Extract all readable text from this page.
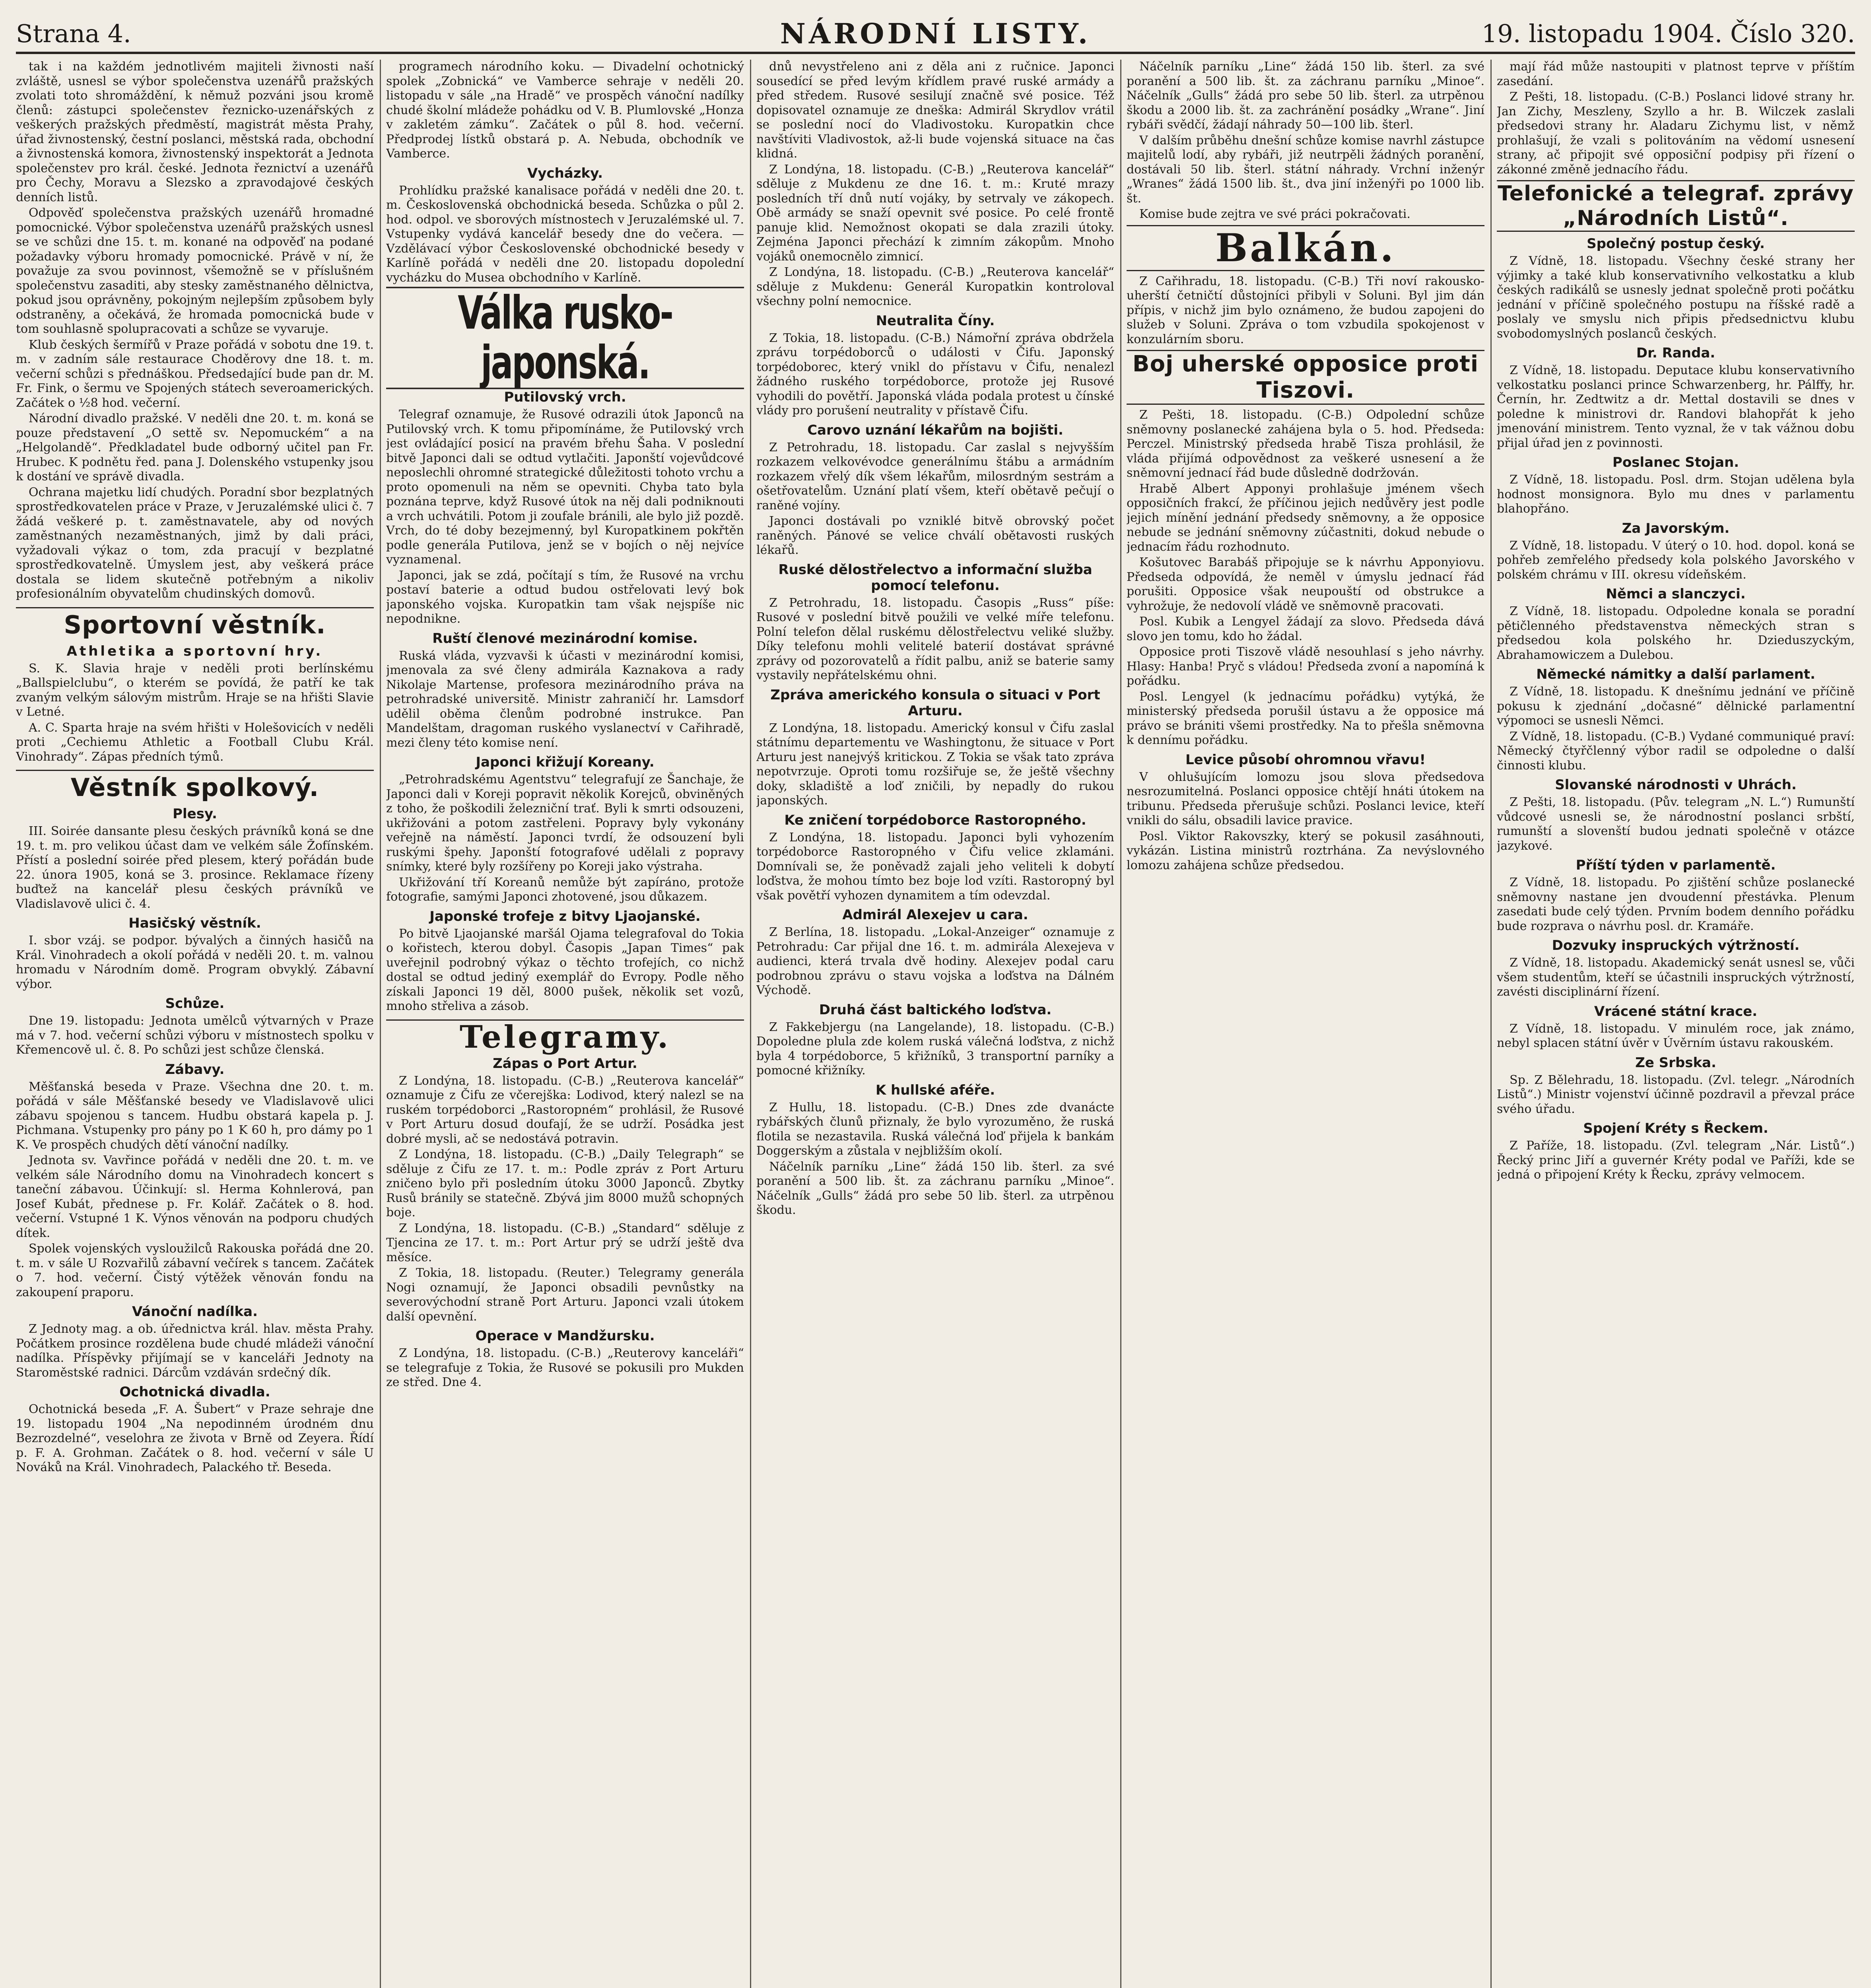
Strana 4.	NÁRODNÍ LISTY.	19. listopadu 1904. Číslo 320.

tak i na každém jednotlivém majiteli živnosti naší zvláště, usnesl se výbor společenstva uzenářů pražských zvolati toto shromáždění, k němuž pozváni jsou kromě členů: zástupci společenstev řeznicko-uzenářských z veškerých pražských předměstí, magistrát města Prahy, úřad živnostenský, čestní poslanci, městská rada, obchodní a živnostenská komora, živnostenský inspektorát a Jednota společenstev pro král. české. Jednota řeznictví a uzenářů pro Čechy, Moravu a Slezsko a zpravodajové českých denních listů.

Odpověď společenstva pražských uzenářů hromadné pomocnické. Výbor společenstva uzenářů pražských usnesl se ve schůzi dne 15. t. m. konané na odpověď na podané požadavky výboru hromady pomocnické. Právě v ní, že považuje za svou povinnost, všemožně se v příslušném společenstvu zasaditi, aby stesky zaměstnaného dělnictva, pokud jsou oprávněny, pokojným nejlepším způsobem byly odstraněny, a očekává, že hromada pomocnická bude v tom souhlasně spolupracovati a schůze se vyvaruje.

Klub českých šermířů v Praze pořádá v sobotu dne 19. t. m. v zadním sále restaurace Choděrovy dne 18. t. m. večerní schůzi s přednáškou. Předsedající bude pan dr. M. Fr. Fink, o šermu ve Spojených státech severoamerických. Začátek o ½8 hod. večerní.

Národní divadlo pražské. V neděli dne 20. t. m. koná se pouze představení „O settě sv. Nepomuckém“ a na „Helgolandě“. Předkladatel bude odborný učitel pan Fr. Hrubec. K podnětu řed. pana J. Dolenského vstupenky jsou k dostání ve správě divadla.

Ochrana majetku lidí chudých. Poradní sbor bezplatných sprostředkovatelen práce v Praze, v Jeruzalémské ulici č. 7 žádá veškeré p. t. zaměstnavatele, aby od nových zaměstnaných nezaměstnaných, jimž by dali práci, vyžadovali výkaz o tom, zda pracují v bezplatné sprostředkovatelně. Úmyslem jest, aby veškerá práce dostala se lidem skutečně potřebným a nikoliv profesionálním obyvatelům chudinských domovů.

Sportovní věstník.
Athletika a sportovní hry.

S. K. Slavia hraje v neděli proti berlínskému „Ballspielclubu“, o kterém se povídá, že patří ke tak zvaným velkým sálovým mistrům. Hraje se na hřišti Slavie v Letné.

A. C. Sparta hraje na svém hřišti v Holešovicích v neděli proti „Cechiemu Athletic a Football Clubu Král. Vinohrady“. Zápas předních týmů.

Věstník spolkový.
Plesy.

III. Soirée dansante plesu českých právníků koná se dne 19. t. m. pro velikou účast dam ve velkém sále Žofínském. Přístí a poslední soirée před plesem, který pořádán bude 22. února 1905, koná se 3. prosince. Reklamace řízeny buďtež na kancelář plesu českých právníků ve Vladislavově ulici č. 4.

Hasičský věstník.

I. sbor vzáj. se podpor. bývalých a činných hasičů na Král. Vinohradech a okolí pořádá v neděli 20. t. m. valnou hromadu v Národním domě. Program obvyklý. Zábavní výbor.

Schůze.

Dne 19. listopadu: Jednota umělců výtvarných v Praze má v 7. hod. večerní schůzi výboru v místnostech spolku v Křemencově ul. č. 8. Po schůzi jest schůze členská.

Zábavy.

Měšťanská beseda v Praze. Všechna dne 20. t. m. pořádá v sále Měšťanské besedy ve Vladislavově ulici zábavu spojenou s tancem. Hudbu obstará kapela p. J. Pichmana. Vstupenky pro pány po 1 K 60 h, pro dámy po 1 K. Ve prospěch chudých dětí vánoční nadílky.

Jednota sv. Vavřince pořádá v neděli dne 20. t. m. ve velkém sále Národního domu na Vinohradech koncert s taneční zábavou. Účinkují: sl. Herma Kohnlerová, pan Josef Kubát, přednese p. Fr. Kolář. Začátek o 8. hod. večerní. Vstupné 1 K. Výnos věnován na podporu chudých dítek.

Spolek vojenských vysloužilců Rakouska pořádá dne 20. t. m. v sále U Rozvařilů zábavní večírek s tancem. Začátek o 7. hod. večerní. Čistý výtěžek věnován fondu na zakoupení praporu.

Vánoční nadílka.

Z Jednoty mag. a ob. úřednictva král. hlav. města Prahy. Počátkem prosince rozdělena bude chudé mládeži vánoční nadílka. Příspěvky přijímají se v kanceláři Jednoty na Staroměstské radnici. Dárcům vzdáván srdečný dík.

Ochotnická divadla.

Ochotnická beseda „F. A. Šubert“ v Praze sehraje dne 19. listopadu 1904 „Na nepodinném úrodném dnu Bezrozdelné“, veselohra ze života v Brně od Zeyera. Řídí p. F. A. Grohman. Začátek o 8. hod. večerní v sále U Nováků na Král. Vinohradech, Palackého tř. Beseda.

programech národního koku. — Divadelní ochotnický spolek „Zobnická“ ve Vamberce sehraje v neděli 20. listopadu v sále „na Hradě“ ve prospěch vánoční nadílky chudé školní mládeže pohádku od V. B. Plumlovské „Honza v zakletém zámku“. Začátek o půl 8. hod. večerní. Předprodej lístků obstará p. A. Nebuda, obchodník ve Vamberce.

Vycházky.

Prohlídku pražské kanalisace pořádá v neděli dne 20. t. m. Československá obchodnická beseda. Schůzka o půl 2. hod. odpol. ve sborových místnostech v Jeruzalémské ul. 7. Vstupenky vydává kancelář besedy dne do večera. — Vzdělávací výbor Československé obchodnické besedy v Karlíně pořádá v neděli dne 20. listopadu dopolední vycházku do Musea obchodního v Karlíně.

Válka rusko-japonská.
Putilovský vrch.

Telegraf oznamuje, že Rusové odrazili útok Japonců na Putilovský vrch. K tomu připomínáme, že Putilovský vrch jest ovládající posicí na pravém břehu Šaha. V poslední bitvě Japonci dali se odtud vytlačiti. Japonští vojevůdcové neposlechli ohromné strategické důležitosti tohoto vrchu a proto opomenuli na něm se opevniti. Chyba tato byla poznána teprve, když Rusové útok na něj dali podniknouti a vrch uchvátili. Potom ji zoufale bránili, ale bylo již pozdě. Vrch, do té doby bezejmenný, byl Kuropatkinem pokřtěn podle generála Putilova, jenž se v bojích o něj nejvíce vyznamenal.

Japonci, jak se zdá, počítají s tím, že Rusové na vrchu postaví baterie a odtud budou ostřelovati levý bok japonského vojska. Kuropatkin tam však nejspíše nic nepodnikne.

Ruští členové mezinárodní komise.

Ruská vláda, vyzvavši k účasti v mezinárodní komisi, jmenovala za své členy admirála Kaznakova a rady Nikolaje Martense, profesora mezinárodního práva na petrohradské universitě. Ministr zahraničí hr. Lamsdorf udělil oběma členům podrobné instrukce. Pan Mandelštam, dragoman ruského vyslanectví v Cařihradě, mezi členy této komise není.

Japonci křižují Koreany.

„Petrohradskému Agentstvu“ telegrafují ze Šanchaje, že Japonci dali v Koreji popravit několik Korejců, obviněných z toho, že poškodili železniční trať. Byli k smrti odsouzeni, ukřižováni a potom zastřeleni. Popravy byly vykonány veřejně na náměstí. Japonci tvrdí, že odsouzení byli ruskými špehy. Japonští fotografové udělali z popravy snímky, které byly rozšířeny po Koreji jako výstraha.

Ukřižování tří Koreanů nemůže být zapíráno, protože fotografie, samými Japonci zhotovené, jsou důkazem.

Japonské trofeje z bitvy Ljaojanské.

Po bitvě Ljaojanské maršál Ojama telegrafoval do Tokia o kořistech, kterou dobyl. Časopis „Japan Times“ pak uveřejnil podrobný výkaz o těchto trofejích, co nichž dostal se odtud jediný exemplář do Evropy. Podle něho získali Japonci 19 děl, 8000 pušek, několik set vozů, mnoho střeliva a zásob.

Telegramy.
Zápas o Port Artur.

Z Londýna, 18. listopadu. (C-B.) „Reuterova kancelář“ oznamuje z Čifu ze včerejška: Lodivod, který nalezl se na ruském torpédoborci „Rastoropném“ prohlásil, že Rusové v Port Arturu dosud doufají, že se udrží. Posádka jest dobré mysli, ač se nedostává potravin.

Z Londýna, 18. listopadu. (C-B.) „Daily Telegraph“ se sděluje z Čifu ze 17. t. m.: Podle zpráv z Port Arturu zničeno bylo při posledním útoku 3000 Japonců. Zbytky Rusů bránily se statečně. Zbývá jim 8000 mužů schopných boje.

Z Londýna, 18. listopadu. (C-B.) „Standard“ sděluje z Tjencina ze 17. t. m.: Port Artur prý se udrží ještě dva měsíce.

Z Tokia, 18. listopadu. (Reuter.) Telegramy generála Nogi oznamují, že Japonci obsadili pevnůstky na severovýchodní straně Port Arturu. Japonci vzali útokem další opevnění.

Operace v Mandžursku.

Z Londýna, 18. listopadu. (C-B.) „Reuterovy kanceláři“ se telegrafuje z Tokia, že Rusové se pokusili pro Mukden ze střed. Dne 4.

dnů nevystřeleno ani z děla ani z ručnice. Japonci sousedící se před levým křídlem pravé ruské armády a před středem. Rusové sesilují značně své posice. Též dopisovatel oznamuje ze dneška: Admirál Skrydlov vrátil se poslední nocí do Vladivostoku. Kuropatkin chce navštíviti Vladivostok, až-li bude vojenská situace na čas klidná.

Z Londýna, 18. listopadu. (C-B.) „Reuterova kancelář“ sděluje z Mukdenu ze dne 16. t. m.: Kruté mrazy posledních tří dnů nutí vojáky, by setrvaly ve zákopech. Obě armády se snaží opevnit své posice. Po celé frontě panuje klid. Nemožnost okopati se dala zrazili útoky. Zejména Japonci přechází k zimním zákopům. Mnoho vojáků onemocnělo zimnicí.

Z Londýna, 18. listopadu. (C-B.) „Reuterova kancelář“ sděluje z Mukdenu: Generál Kuropatkin kontroloval všechny polní nemocnice.

Neutralita Číny.

Z Tokia, 18. listopadu. (C-B.) Námořní zpráva obdržela zprávu torpédoborců o události v Čifu. Japonský torpédoborec, který vnikl do přístavu v Čifu, nenalezl žádného ruského torpédoborce, protože jej Rusové vyhodili do povětří. Japonská vláda podala protest u čínské vlády pro porušení neutrality v přístavě Čifu.

Carovo uznání lékařům na bojišti.

Z Petrohradu, 18. listopadu. Car zaslal s nejvyšším rozkazem velkovévodce generálnímu štábu a armádním rozkazem vřelý dík všem lékařům, milosrdným sestrám a ošetřovatelům. Uznání platí všem, kteří obětavě pečují o raněné vojíny.

Japonci dostávali po vzniklé bitvě obrovský počet raněných. Pánové se velice chválí obětavosti ruských lékařů.

Ruské dělostřelectvo a informační služba pomocí telefonu.

Z Petrohradu, 18. listopadu. Časopis „Russ“ píše: Rusové v poslední bitvě použili ve velké míře telefonu. Polní telefon dělal ruskému dělostřelectvu veliké služby. Díky telefonu mohli velitelé baterií dostávat správné zprávy od pozorovatelů a řídit palbu, aniž se baterie samy vystavily nepřátelskému ohni.

Zpráva amerického konsula o situaci v Port Arturu.

Z Londýna, 18. listopadu. Americký konsul v Čifu zaslal státnímu departementu ve Washingtonu, že situace v Port Arturu jest nanejvýš kritickou. Z Tokia se však tato zpráva nepotvrzuje. Oproti tomu rozšiřuje se, že ještě všechny doky, skladiště a loď zničili, by nepadly do rukou japonských.

Ke zničení torpédoborce Rastoropného.

Z Londýna, 18. listopadu. Japonci byli vyhozením torpédoborce Rastoropného v Čifu velice zklamáni. Domnívali se, že poněvadž zajali jeho veliteli k dobytí loďstva, že mohou tímto bez boje lod vzíti. Rastoropný byl však povětří vyhozen dynamitem a tím odevzdal.

Admirál Alexejev u cara.

Z Berlína, 18. listopadu. „Lokal-Anzeiger“ oznamuje z Petrohradu: Car přijal dne 16. t. m. admirála Alexejeva v audienci, která trvala dvě hodiny. Alexejev podal caru podrobnou zprávu o stavu vojska a loďstva na Dálném Východě.

Druhá část baltického loďstva.

Z Fakkebjergu (na Langelande), 18. listopadu. (C-B.) Dopoledne plula zde kolem ruská válečná loďstva, z nichž byla 4 torpédoborce, 5 křižníků, 3 transportní parníky a pomocné křižníky.

K hullské aféře.

Z Hullu, 18. listopadu. (C-B.) Dnes zde dvanácte rybářských člunů přiznaly, že bylo vyrozuměno, že ruská flotila se nezastavila. Ruská válečná loď přijela k bankám Doggerským a zůstala v nejbližším okolí.

Náčelník parníku „Line“ žádá 150 lib. šterl. za své poranění a 500 lib. št. za záchranu parníku „Minoe“. Náčelník „Gulls“ žádá pro sebe 50 lib. šterl. za utrpěnou škodu.

Náčelník parníku „Line“ žádá 150 lib. šterl. za své poranění a 500 lib. št. za záchranu parníku „Minoe“. Náčelník „Gulls“ žádá pro sebe 50 lib. šterl. za utrpěnou škodu a 2000 lib. št. za zachránění posádky „Wrane“. Jiní rybáři svědčí, žádají náhrady 50—100 lib. šterl.

V dalším průběhu dnešní schůze komise navrhl zástupce majitelů lodí, aby rybáři, již neutrpěli žádných poranění, dostávali 50 lib. šterl. státní náhrady. Vrchní inženýr „Wranes“ žádá 1500 lib. št., dva jiní inženýři po 1000 lib. št.

Komise bude zejtra ve své práci pokračovati.

Balkán.

Z Cařihradu, 18. listopadu. (C-B.) Tři noví rakousko-uherští četničtí důstojníci přibyli v Soluni. Byl jim dán přípis, v nichž jim bylo oznámeno, že budou zapojeni do služeb v Soluni. Zpráva o tom vzbudila spokojenost v konzulárním sboru.

Boj uherské opposice proti Tiszovi.

Z Pešti, 18. listopadu. (C-B.) Odpolední schůze sněmovny poslanecké zahájena byla o 5. hod. Předseda: Perczel. Ministrský předseda hrabě Tisza prohlásil, že vláda přijímá odpovědnost za veškeré usnesení a že sněmovní jednací řád bude důsledně dodržován.

Hrabě Albert Apponyi prohlašuje jménem všech opposičních frakcí, že příčinou jejich nedůvěry jest podle jejich mínění jednání předsedy sněmovny, a že opposice nebude se jednání sněmovny zúčastniti, dokud nebude o jednacím řádu rozhodnuto.

Košutovec Barabáš připojuje se k návrhu Apponyiovu. Předseda odpovídá, že neměl v úmyslu jednací řád porušiti. Opposice však neupouští od obstrukce a vyhrožuje, že nedovolí vládě ve sněmovně pracovati.

Posl. Kubik a Lengyel žádají za slovo. Předseda dává slovo jen tomu, kdo ho žádal.

Opposice proti Tiszově vládě nesouhlasí s jeho návrhy. Hlasy: Hanba! Pryč s vládou! Předseda zvoní a napomíná k pořádku.

Posl. Lengyel (k jednacímu pořádku) vytýká, že ministerský předseda porušil ústavu a že opposice má právo se brániti všemi prostředky. Na to přešla sněmovna k dennímu pořádku.

Levice působí ohromnou vřavu!

V ohlušujícím lomozu jsou slova předsedova nesrozumitelná. Poslanci opposice chtějí hnáti útokem na tribunu. Předseda přerušuje schůzi. Poslanci levice, kteří vnikli do sálu, obsadili lavice pravice.

Posl. Viktor Rakovszky, který se pokusil zasáhnouti, vykázán. Listina ministrů roztrhána. Za nevýslovného lomozu zahájena schůze předsedou.

mají řád může nastoupiti v platnost teprve v příštím zasedání.

Z Pešti, 18. listopadu. (C-B.) Poslanci lidové strany hr. Jan Zichy, Meszleny, Szyllo a hr. B. Wilczek zaslali předsedovi strany hr. Aladaru Zichymu list, v němž prohlašují, že vzali s politováním na vědomí usnesení strany, ač připojit své opposiční podpisy při řízení o zákonné změně jednacího řádu.

Telefonické a telegraf. zprávy „Národních Listů“.
Společný postup český.

Z Vídně, 18. listopadu. Všechny české strany her výjimky a také klub konservativního velkostatku a klub českých radikálů se usnesly jednat společně proti počátku jednání v příčině společného postupu na říšské radě a poslaly ve smyslu nich připis předsednictvu klubu svobodomyslných poslanců českých.

Dr. Randa.

Z Vídně, 18. listopadu. Deputace klubu konservativního velkostatku poslanci prince Schwarzenberg, hr. Pálffy, hr. Černín, hr. Zedtwitz a dr. Mettal dostavili se dnes v poledne k ministrovi dr. Randovi blahopřát k jeho jmenování ministrem. Tento vyznal, že v tak vážnou dobu přijal úřad jen z povinnosti.

Poslanec Stojan.

Z Vídně, 18. listopadu. Posl. drm. Stojan udělena byla hodnost monsignora. Bylo mu dnes v parlamentu blahopřáno.

Za Javorským.

Z Vídně, 18. listopadu. V úterý o 10. hod. dopol. koná se pohřeb zemřelého předsedy kola polského Javorského v polském chrámu v III. okresu vídeňském.

Němci a slanczyci.

Z Vídně, 18. listopadu. Odpoledne konala se poradní pětičlenného představenstva německých stran s předsedou kola polského hr. Dzieduszyckým, Abrahamowiczem a Dulebou.

Německé námitky a další parlament.

Z Vídně, 18. listopadu. K dnešnímu jednání ve příčině pokusu k zjednání „dočasné“ dělnické parlamentní výpomoci se usnesli Němci.

Z Vídně, 18. listopadu. (C-B.) Vydané communiqué praví: Německý čtyřčlenný výbor radil se odpoledne o další činnosti klubu.

Slovanské národnosti v Uhrách.

Z Pešti, 18. listopadu. (Pův. telegram „N. L.“) Rumunští vůdcové usnesli se, že národnostní poslanci srbští, rumunští a slovenští budou jednati společně v otázce jazykové.

Příští týden v parlamentě.

Z Vídně, 18. listopadu. Po zjištění schůze poslanecké sněmovny nastane jen dvoudenní přestávka. Plenum zasedati bude celý týden. Prvním bodem denního pořádku bude rozprava o návrhu posl. dr. Kramáře.

Dozvuky inspruckých výtržností.

Z Vídně, 18. listopadu. Akademický senát usnesl se, vůči všem studentům, kteří se účastnili inspruckých výtržností, zavésti disciplinární řízení.

Vrácené státní krace.

Z Vídně, 18. listopadu. V minulém roce, jak známo, nebyl splacen státní úvěr v Úvěrním ústavu rakouském.

Ze Srbska.

Sp. Z Bělehradu, 18. listopadu. (Zvl. telegr. „Národních Listů“.) Ministr vojenství účinně pozdravil a převzal práce svého úřadu.

Spojení Kréty s Řeckem.

Z Paříže, 18. listopadu. (Zvl. telegram „Nár. Listů“.) Řecký princ Jiří a guvernér Kréty podal ve Paříži, kde se jedná o připojení Kréty k Řecku, zprávy velmocem.
